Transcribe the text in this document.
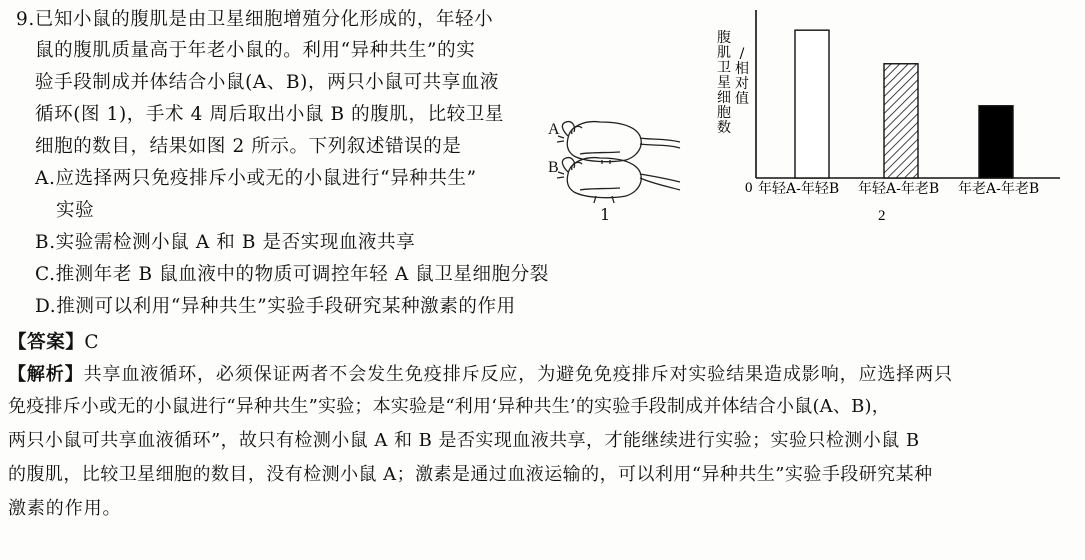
9.已知小鼠的腹肌是由卫星细胞增殖分化形成的，年轻小
鼠的腹肌质量高于年老小鼠的。利用“异种共生”的实
验手段制成并体结合小鼠(A、B)，两只小鼠可共享血液
循环(图 1)，手术 4 周后取出小鼠 B 的腹肌，比较卫星
细胞的数目，结果如图 2 所示。下列叙述错误的是
A.应选择两只免疫排斥小或无的小鼠进行“异种共生”
实验
B.实验需检测小鼠 A 和 B 是否实现血液共享
C.推测年老 B 鼠血液中的物质可调控年轻 A 鼠卫星细胞分裂
D.推测可以利用“异种共生”实验手段研究某种激素的作用
【答案】C
【解析】共享血液循环，必须保证两者不会发生免疫排斥反应，为避免免疫排斥对实验结果造成影响，应选择两只
免疫排斥小或无的小鼠进行“异种共生”实验；本实验是“利用‘异种共生’的实验手段制成并体结合小鼠(A、B)，
两只小鼠可共享血液循环”，故只有检测小鼠 A 和 B 是否实现血液共享，才能继续进行实验；实验只检测小鼠 B
的腹肌，比较卫星细胞的数目，没有检测小鼠 A；激素是通过血液运输的，可以利用“异种共生”实验手段研究某种
激素的作用。
A
B
1
0
腹
肌
卫
星
细
胞
数
/
相
对
值
年轻A-年轻B 年轻A-年老B 年老A-年老B
2
